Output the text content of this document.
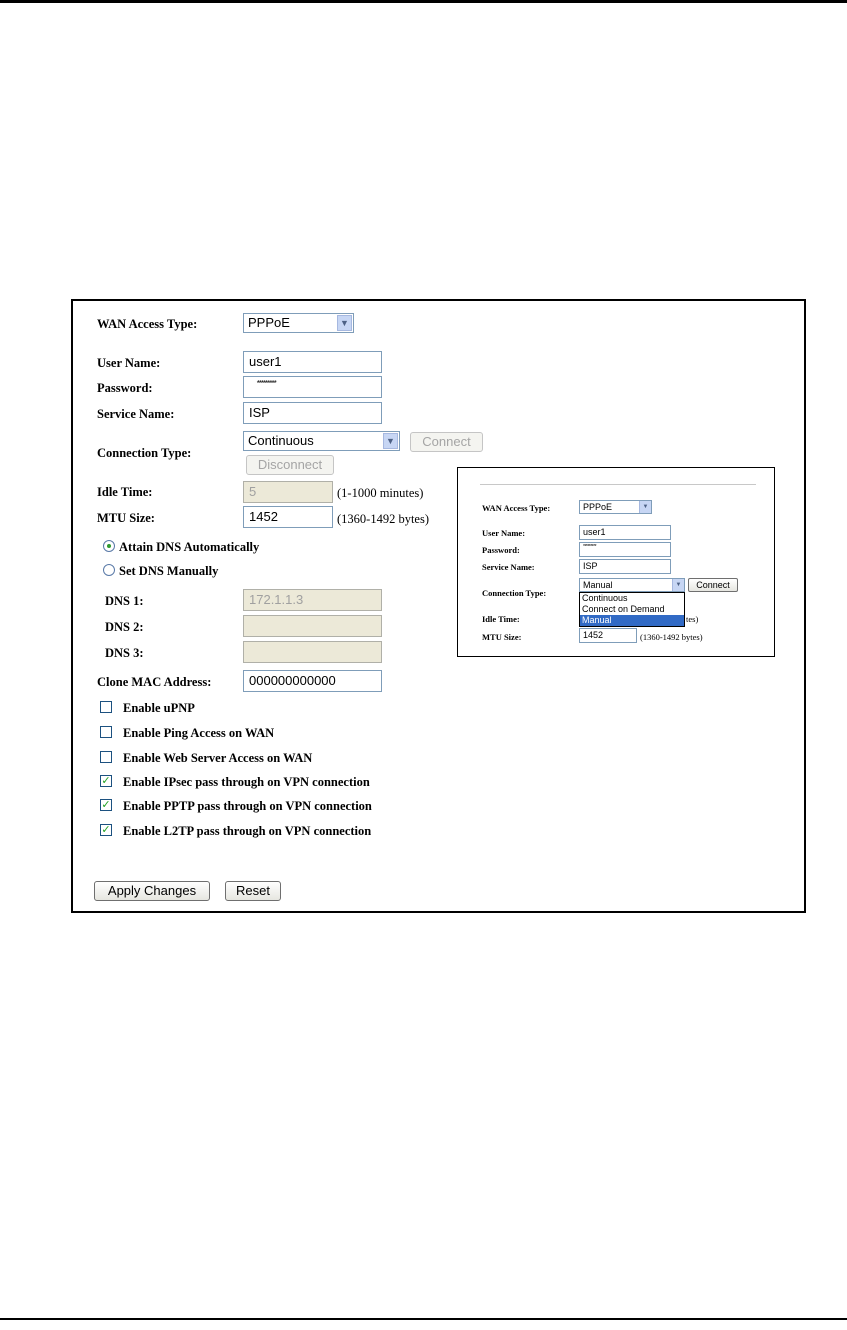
WAN Access Type:	PPPoE	▼
User Name:	user1
Password:	ﾠ*********
Service Name:	ISP
Connection Type:
Continuous	▼	Connect
Disconnect
Idle Time:	5	(1-1000 minutes)
MTU Size:	1452	(1360-1492 bytes)
Attain DNS Automatically
Set DNS Manually
DNS 1:	172.1.1.3
DNS 2:
DNS 3:
Clone MAC Address:	000000000000
Enable uPNP
Enable Ping Access on WAN
Enable Web Server Access on WAN
✓ Enable IPsec pass through on VPN connection
✓ Enable PPTP pass through on VPN connection
✓ Enable L2TP pass through on VPN connection
Apply Changes	Reset
WAN Access Type:	PPPoE	▼
User Name:	user1
Password:	*********
Service Name:	ISP
Connection Type:
Manual	▼	Connect
Continuous
Connect on Demand
Manual
Idle Time:	tes)
MTU Size:	1452	(1360-1492 bytes)
